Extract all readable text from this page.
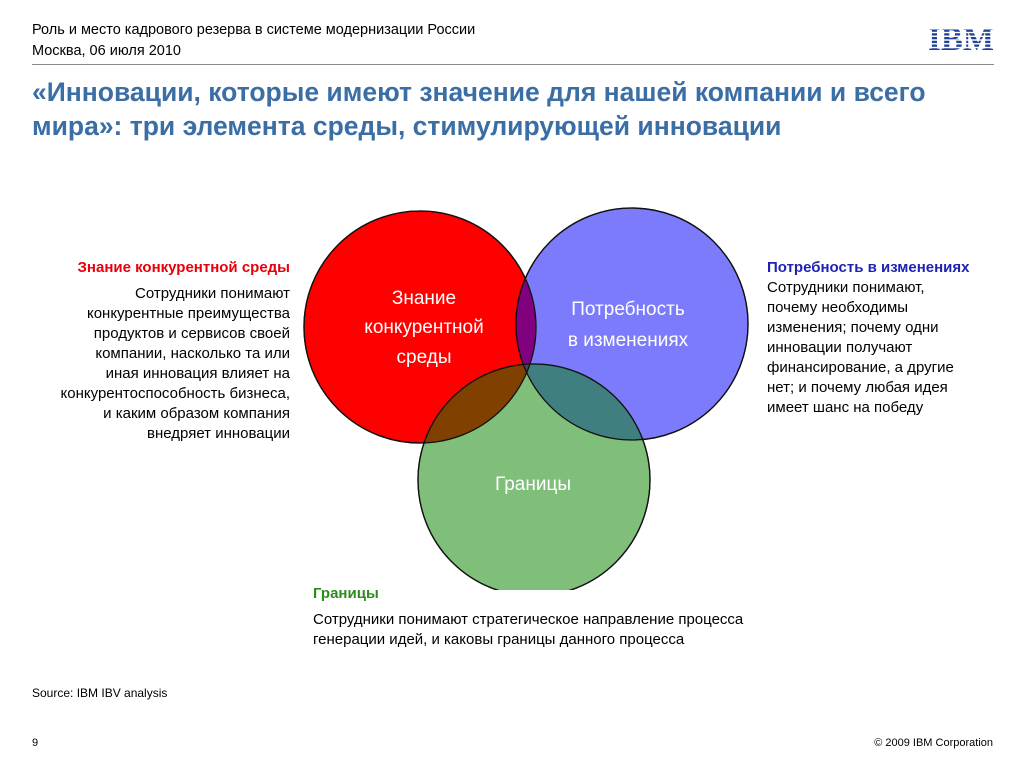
Роль и место кадрового резерва в системе модернизации России
Москва, 06 июля 2010	IBM
«Инновации, которые имеют значение для нашей компании и всего мира»: три элемента среды, стимулирующей инновации
Знание конкурентной среды
Сотрудники понимают конкурентные преимущества продуктов и сервисов своей компании, насколько та или иная инновация влияет на конкурентоспособность бизнеса, и каким образом компания внедряет инновации
Знание
конкурентной
среды
Потребность
в изменениях
Границы
Потребность в изменениях
Сотрудники понимают, почему необходимы изменения; почему одни инновации получают финансирование, а другие нет; и почему любая идея имеет шанс на победу
Границы
Сотрудники понимают стратегическое направление процесса генерации идей, и каковы границы данного процесса
Source: IBM IBV analysis
9	© 2009 IBM Corporation
